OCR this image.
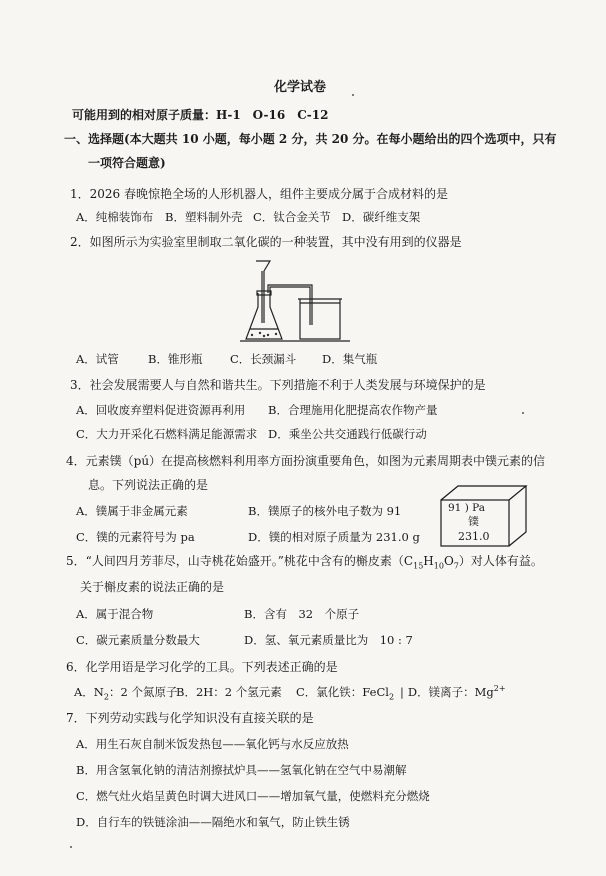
化学试卷
可能用到的相对原子质量：H-1　O-16　C-12
一、选择题(本大题共 10 小题，每小题 2 分，共 20 分。在每小题给出的四个选项中，只有
一项符合题意)
1．2026 春晚惊艳全场的人形机器人，组件主要成分属于合成材料的是
A．纯棉装饰布 B．塑料制外壳 C．钛合金关节 D．碳纤维支架
2．如图所示为实验室里制取二氧化碳的一种装置，其中没有用到的仪器是
A．试管	B．锥形瓶 C．长颈漏斗 D．集气瓶
3．社会发展需要人与自然和谐共生。下列措施不利于人类发展与环境保护的是
A．回收废弃塑料促进资源再利用 B．合理施用化肥提高农作物产量
C．大力开采化石燃料满足能源需求 D．乘坐公共交通践行低碳行动
4．元素镤（pú）在提高核燃料利用率方面扮演重要角色，如图为元素周期表中镤元素的信
息。下列说法正确的是
A．镤属于非金属元素	B．镤原子的核外电子数为 91
C．镤的元素符号为 pa	D．镤的相对原子质量为 231.0 g
91 ) Pa
镤
231.0
5．“人间四月芳菲尽，山寺桃花始盛开。”桃花中含有的槲皮素$(C_{15}H_{10}O_7)$对人体有益。
关于槲皮素的说法正确的是
A．属于混合物	B．含有　32　个原子
C．碳元素质量分数最大	D．氢、氧元素质量比为　10 : 7
6．化学用语是学习化学的工具。下列表述正确的是
A．$N_2$：2 个氮原子
B．2H：2 个氢元素 C．氯化铁：FeCl$_2$ | D．镁离子：$Mg^{2+}$
7．下列劳动实践与化学知识没有直接关联的是
A．用生石灰自制米饭发热包——氧化钙与水反应放热
B．用含氢氧化钠的清洁剂擦拭炉具——氢氧化钠在空气中易潮解
C．燃气灶火焰呈黄色时调大进风口——增加氧气量，使燃料充分燃烧
D．自行车的铁链涂油——隔绝水和氧气，防止铁生锈
